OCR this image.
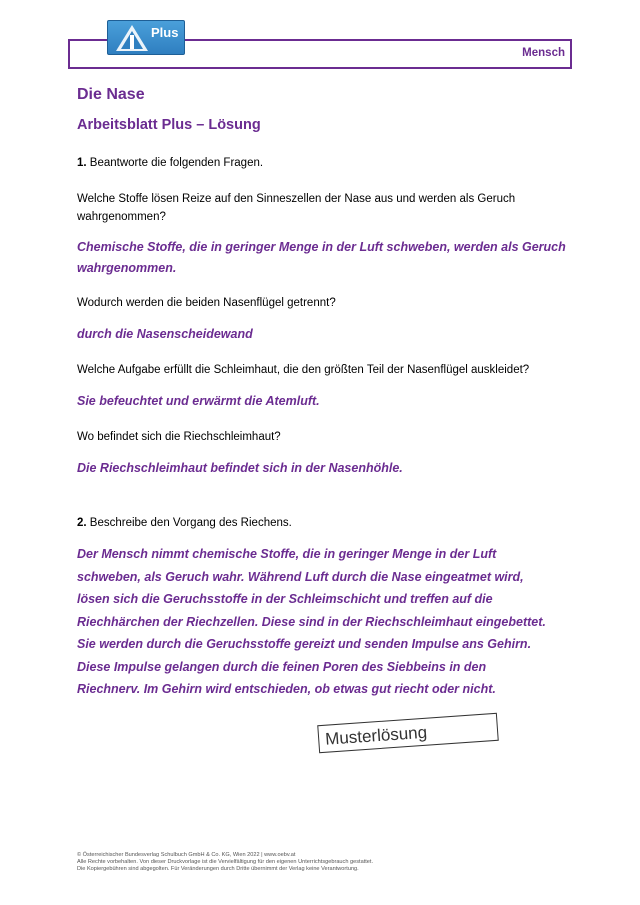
Mensch
Plus
Die Nase
Arbeitsblatt Plus – Lösung
1. Beantworte die folgenden Fragen.
Welche Stoffe lösen Reize auf den Sinneszellen der Nase aus und werden als Geruch wahrgenommen?
Chemische Stoffe, die in geringer Menge in der Luft schweben, werden als Geruch wahrgenommen.
Wodurch werden die beiden Nasenflügel getrennt?
durch die Nasenscheidewand
Welche Aufgabe erfüllt die Schleimhaut, die den größten Teil der Nasenflügel auskleidet?
Sie befeuchtet und erwärmt die Atemluft.
Wo befindet sich die Riechschleimhaut?
Die Riechschleimhaut befindet sich in der Nasenhöhle.
2. Beschreibe den Vorgang des Riechens.
Der Mensch nimmt chemische Stoffe, die in geringer Menge in der Luft
schweben, als Geruch wahr. Während Luft durch die Nase eingeatmet wird,
lösen sich die Geruchsstoffe in der Schleimschicht und treffen auf die
Riechhärchen der Riechzellen. Diese sind in der Riechschleimhaut eingebettet.
Sie werden durch die Geruchsstoffe gereizt und senden Impulse ans Gehirn.
Diese Impulse gelangen durch die feinen Poren des Siebbeins in den
Riechnerv. Im Gehirn wird entschieden, ob etwas gut riecht oder nicht.
Musterlösung
© Österreichischer Bundesverlag Schulbuch GmbH & Co. KG, Wien 2022 | www.oebv.at
Alle Rechte vorbehalten. Von dieser Druckvorlage ist die Vervielfältigung für den eigenen Unterrichtsgebrauch gestattet.
Die Kopiergebühren sind abgegolten. Für Veränderungen durch Dritte übernimmt der Verlag keine Verantwortung.
